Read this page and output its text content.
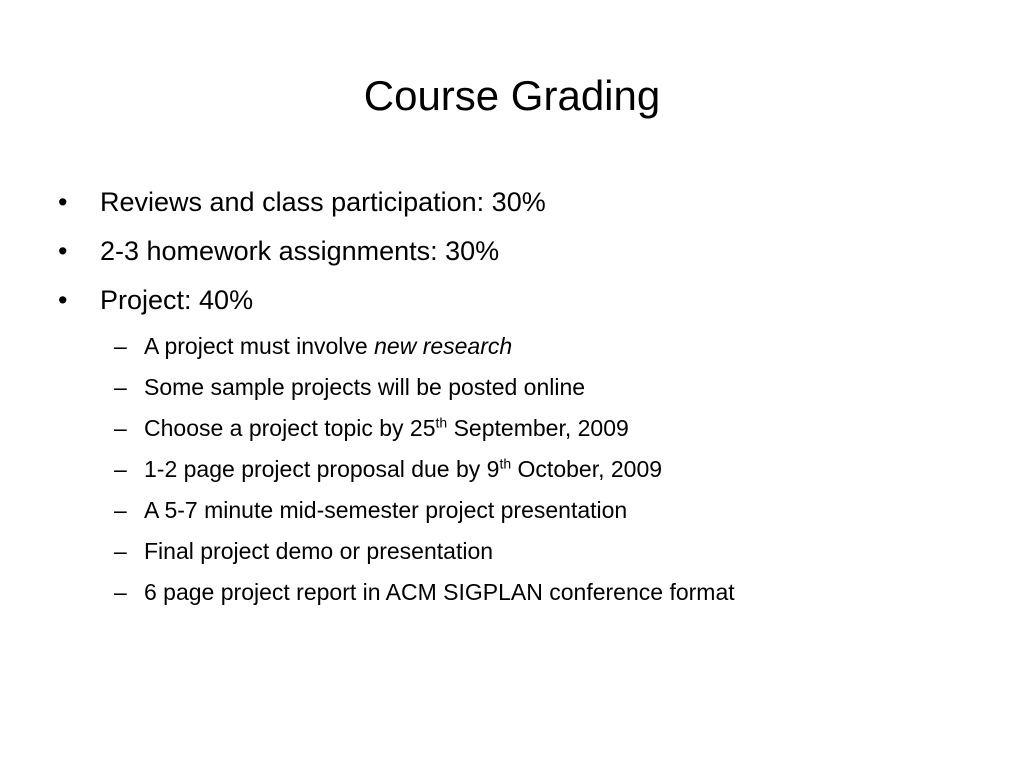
Course Grading
•	Reviews and class participation: 30%
•	2-3 homework assignments: 30%
•	Project: 40%
– A project must involve new research
– Some sample projects will be posted online
– Choose a project topic by 25th September, 2009
– 1-2 page project proposal due by 9th October, 2009
– A 5-7 minute mid-semester project presentation
– Final project demo or presentation
– 6 page project report in ACM SIGPLAN conference format
